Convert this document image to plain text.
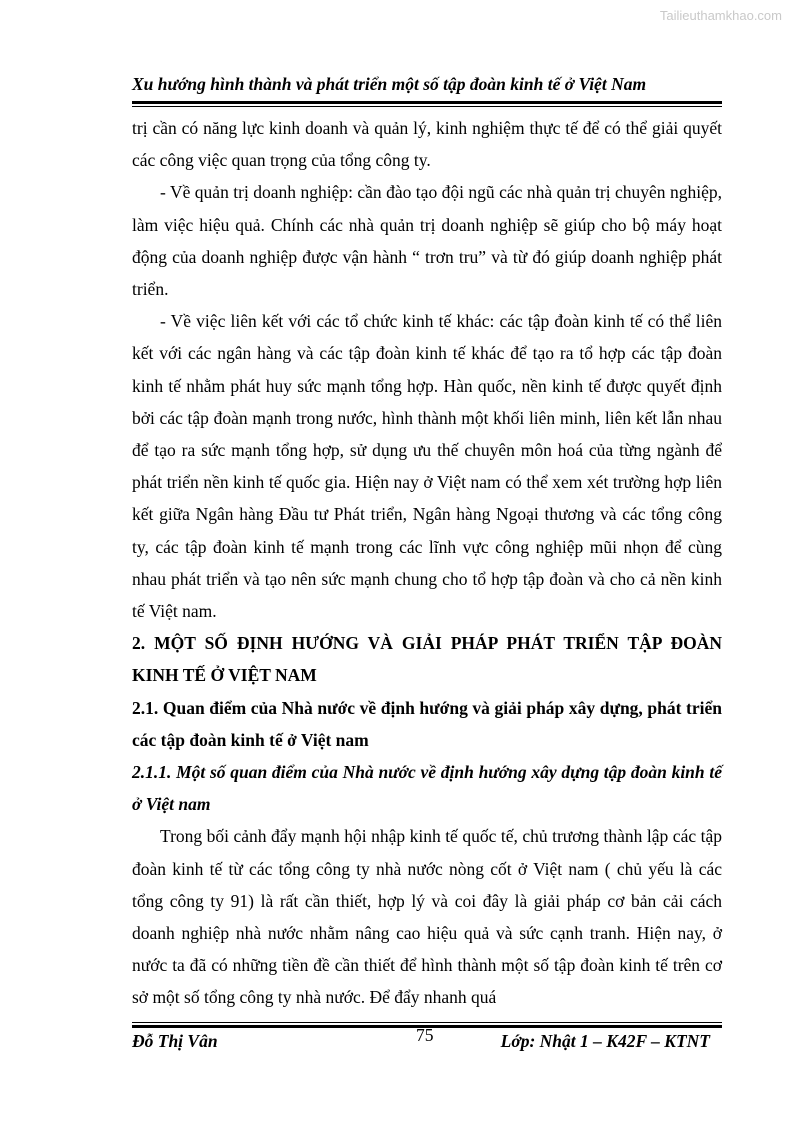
Tailieuthamkhao.com
Xu hướng hình thành và phát triển một số tập đoàn kinh tế ở Việt Nam

trị cần có năng lực kinh doanh và quản lý, kinh nghiệm thực tế để có thể giải quyết các công việc quan trọng của tổng công ty.

- Về quản trị doanh nghiệp: cần đào tạo đội ngũ các nhà quản trị chuyên nghiệp, làm việc hiệu quả. Chính các nhà quản trị doanh nghiệp sẽ giúp cho bộ máy hoạt động của doanh nghiệp được vận hành “ trơn tru” và từ đó giúp doanh nghiệp phát triển.

- Về việc liên kết với các tổ chức kinh tế khác: các tập đoàn kinh tế có thể liên kết với các ngân hàng và các tập đoàn kinh tế khác để tạo ra tổ hợp các tập đoàn kinh tế nhằm phát huy sức mạnh tổng hợp. Hàn quốc, nền kinh tế được quyết định bởi các tập đoàn mạnh trong nước, hình thành một khối liên minh, liên kết lẫn nhau để tạo ra sức mạnh tổng hợp, sử dụng ưu thế chuyên môn hoá của từng ngành để phát triển nền kinh tế quốc gia. Hiện nay ở Việt nam có thể xem xét trường hợp liên kết giữa Ngân hàng Đầu tư Phát triển, Ngân hàng Ngoại thương và các tổng công ty, các tập đoàn kinh tế mạnh trong các lĩnh vực công nghiệp mũi nhọn để cùng nhau phát triển và tạo nên sức mạnh chung cho tổ hợp tập đoàn và cho cả nền kinh tế Việt nam.

2. MỘT SỐ ĐỊNH HƯỚNG VÀ GIẢI PHÁP PHÁT TRIỂN TẬP ĐOÀN KINH TẾ Ở VIỆT NAM

2.1. Quan điểm của Nhà nước về định hướng và giải pháp xây dựng, phát triển các tập đoàn kinh tế ở Việt nam

2.1.1. Một số quan điểm của Nhà nước về định hướng xây dựng tập đoàn kinh tế ở Việt nam

Trong bối cảnh đẩy mạnh hội nhập kinh tế quốc tế, chủ trương thành lập các tập đoàn kinh tế từ các tổng công ty nhà nước nòng cốt ở Việt nam ( chủ yếu là các tổng công ty 91) là rất cần thiết, hợp lý và coi đây là giải pháp cơ bản cải cách doanh nghiệp nhà nước nhằm nâng cao hiệu quả và sức cạnh tranh. Hiện nay, ở nước ta đã có những tiền đề cần thiết để hình thành một số tập đoàn kinh tế trên cơ sở một số tổng công ty nhà nước. Để đẩy nhanh quá

Đỗ Thị Vân	75	Lớp: Nhật 1 – K42F – KTNT
